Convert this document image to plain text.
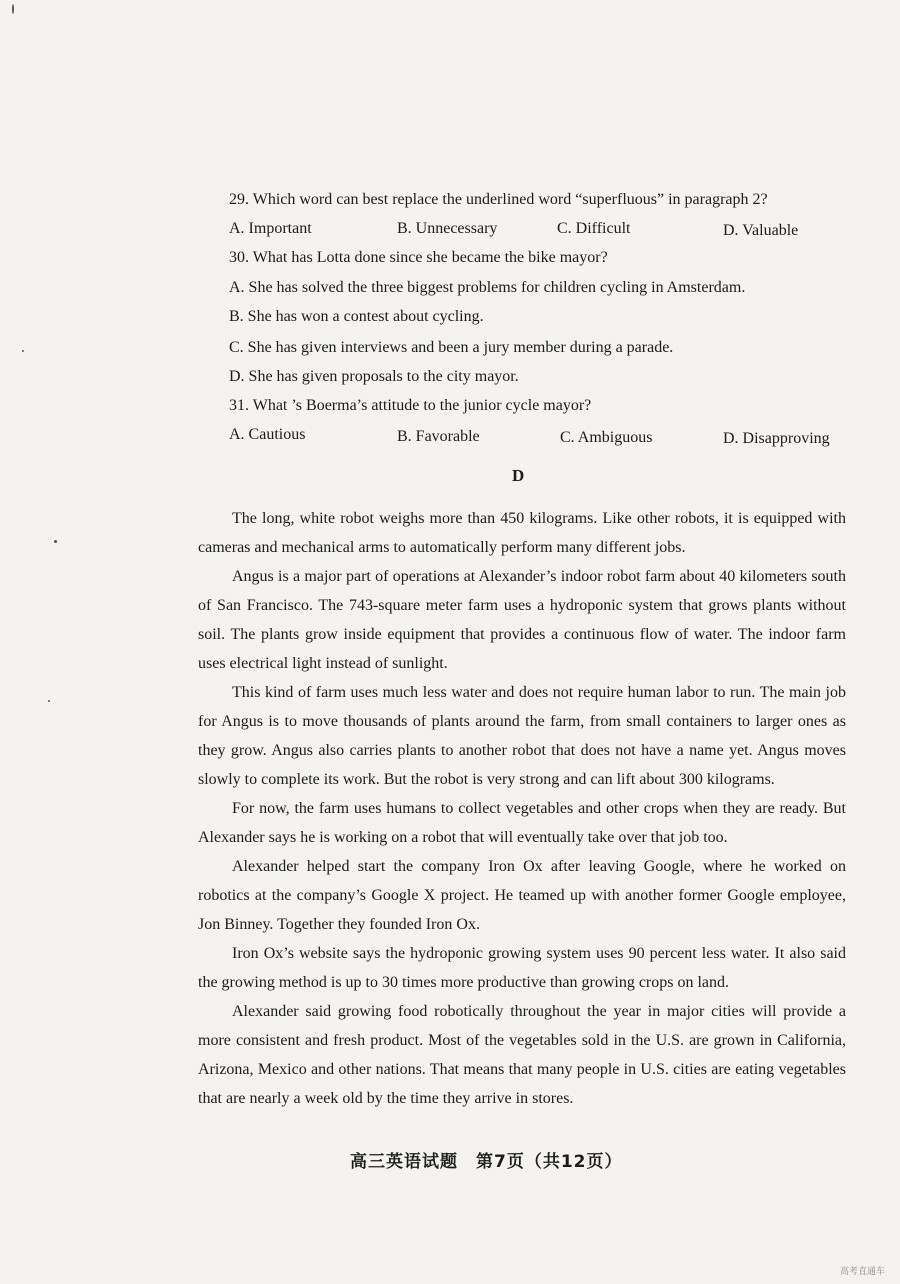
29. Which word can best replace the underlined word “superfluous” in paragraph 2?
A. Important	B. Unnecessary	C. Difficult	D. Valuable
30. What has Lotta done since she became the bike mayor?
A. She has solved the three biggest problems for children cycling in Amsterdam.
B. She has won a contest about cycling.
C. She has given interviews and been a jury member during a parade.
D. She has given proposals to the city mayor.
31. What ’s Boerma’s attitude to the junior cycle mayor?
A. Cautious	B. Favorable	C. Ambiguous	D. Disapproving
D
The long, white robot weighs more than 450 kilograms. Like other robots, it is equipped with cameras and mechanical arms to automatically perform many different jobs.
Angus is a major part of operations at Alexander’s indoor robot farm about 40 kilometers south of San Francisco. The 743-square meter farm uses a hydroponic system that grows plants without soil. The plants grow inside equipment that provides a continuous flow of water. The indoor farm uses electrical light instead of sunlight.
This kind of farm uses much less water and does not require human labor to run. The main job for Angus is to move thousands of plants around the farm, from small containers to larger ones as they grow. Angus also carries plants to another robot that does not have a name yet. Angus moves slowly to complete its work. But the robot is very strong and can lift about 300 kilograms.
For now, the farm uses humans to collect vegetables and other crops when they are ready. But Alexander says he is working on a robot that will eventually take over that job too.
Alexander helped start the company Iron Ox after leaving Google, where he worked on robotics at the company’s Google X project. He teamed up with another former Google employee, Jon Binney. Together they founded Iron Ox.
Iron Ox’s website says the hydroponic growing system uses 90 percent less water. It also said the growing method is up to 30 times more productive than growing crops on land.
Alexander said growing food robotically throughout the year in major cities will provide a more consistent and fresh product. Most of the vegetables sold in the U.S. are grown in California, Arizona, Mexico and other nations. That means that many people in U.S. cities are eating vegetables that are nearly a week old by the time they arrive in stores.
高三英语试题　第7页（共12页）
高考直通车
